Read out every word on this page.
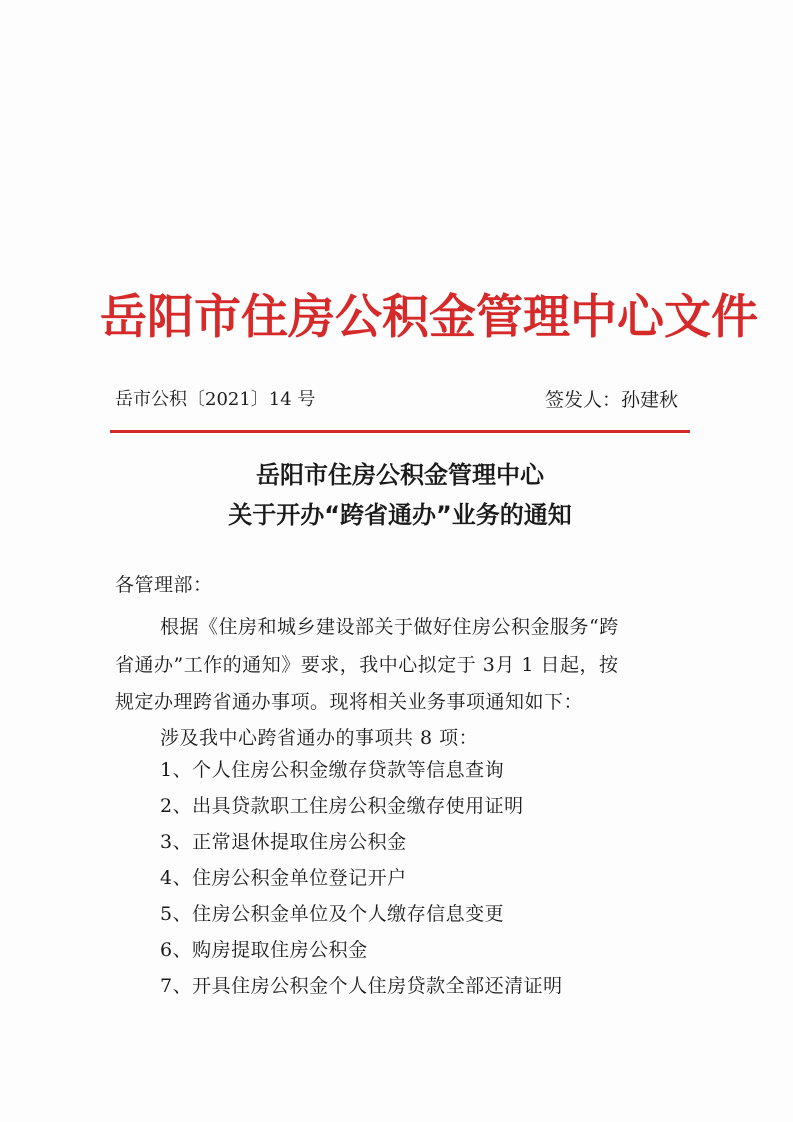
岳阳市住房公积金管理中心文件
岳市公积〔2021〕14 号	签发人：孙建秋
岳阳市住房公积金管理中心
关于开办“跨省通办”业务的通知
各管理部：
根据《住房和城乡建设部关于做好住房公积金服务“跨
省通办”工作的通知》要求，我中心拟定于 3月 1 日起，按
规定办理跨省通办事项。现将相关业务事项通知如下：
涉及我中心跨省通办的事项共 8 项：
1、个人住房公积金缴存贷款等信息查询
2、出具贷款职工住房公积金缴存使用证明
3、正常退休提取住房公积金
4、住房公积金单位登记开户
5、住房公积金单位及个人缴存信息变更
6、购房提取住房公积金
7、开具住房公积金个人住房贷款全部还清证明
